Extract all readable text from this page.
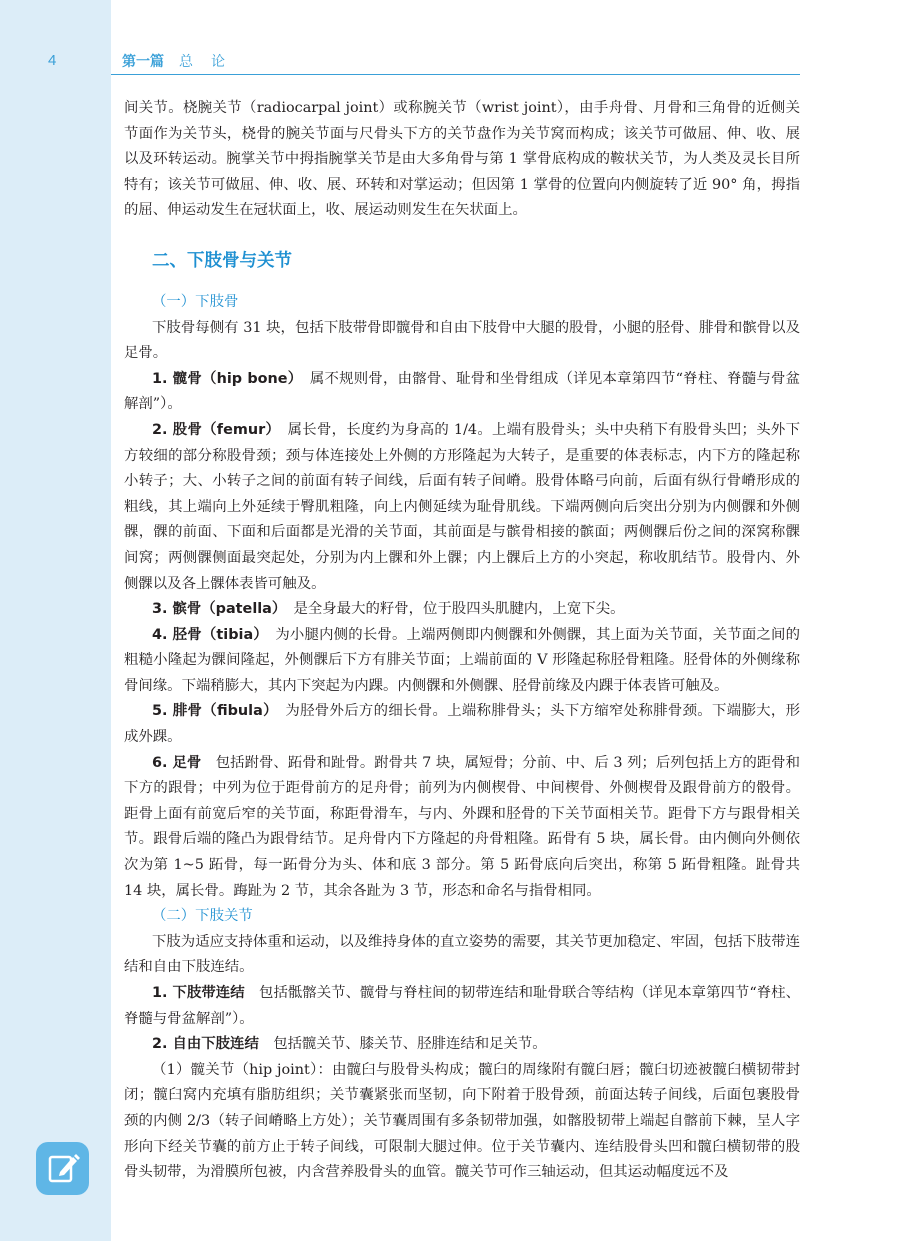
4	第一篇 总论

间关节。桡腕关节（radiocarpal joint）或称腕关节（wrist joint），由手舟骨、月骨和三角骨的近侧关节面作为关节头，桡骨的腕关节面与尺骨头下方的关节盘作为关节窝而构成；该关节可做屈、伸、收、展以及环转运动。腕掌关节中拇指腕掌关节是由大多角骨与第 1 掌骨底构成的鞍状关节，为人类及灵长目所特有；该关节可做屈、伸、收、展、环转和对掌运动；但因第 1 掌骨的位置向内侧旋转了近 90° 角，拇指的屈、伸运动发生在冠状面上，收、展运动则发生在矢状面上。

二、下肢骨与关节
（一）下肢骨

下肢骨每侧有 31 块，包括下肢带骨即髋骨和自由下肢骨中大腿的股骨，小腿的胫骨、腓骨和髌骨以及足骨。

1. 髋骨（hip bone）　 属不规则骨，由髂骨、耻骨和坐骨组成（详见本章第四节“脊柱、脊髓与骨盆解剖”）。

2. 股骨（femur）　 属长骨，长度约为身高的 1/4。上端有股骨头；头中央稍下有股骨头凹；头外下方较细的部分称股骨颈；颈与体连接处上外侧的方形隆起为大转子，是重要的体表标志，内下方的隆起称小转子；大、小转子之间的前面有转子间线，后面有转子间嵴。股骨体略弓向前，后面有纵行骨嵴形成的粗线，其上端向上外延续于臀肌粗隆，向上内侧延续为耻骨肌线。下端两侧向后突出分别为内侧髁和外侧髁，髁的前面、下面和后面都是光滑的关节面，其前面是与髌骨相接的髌面；两侧髁后份之间的深窝称髁间窝；两侧髁侧面最突起处，分别为内上髁和外上髁；内上髁后上方的小突起，称收肌结节。股骨内、外侧髁以及各上髁体表皆可触及。

3. 髌骨（patella）　 是全身最大的籽骨，位于股四头肌腱内，上宽下尖。

4. 胫骨（tibia）　 为小腿内侧的长骨。上端两侧即内侧髁和外侧髁，其上面为关节面，关节面之间的粗糙小隆起为髁间隆起，外侧髁后下方有腓关节面；上端前面的 V 形隆起称胫骨粗隆。胫骨体的外侧缘称骨间缘。下端稍膨大，其内下突起为内踝。内侧髁和外侧髁、胫骨前缘及内踝于体表皆可触及。

5. 腓骨（fibula）　 为胫骨外后方的细长骨。上端称腓骨头；头下方缩窄处称腓骨颈。下端膨大，形成外踝。

6. 足骨　 包括跗骨、跖骨和趾骨。跗骨共 7 块，属短骨；分前、中、后 3 列；后列包括上方的距骨和下方的跟骨；中列为位于距骨前方的足舟骨；前列为内侧楔骨、中间楔骨、外侧楔骨及跟骨前方的骰骨。距骨上面有前宽后窄的关节面，称距骨滑车，与内、外踝和胫骨的下关节面相关节。距骨下方与跟骨相关节。跟骨后端的隆凸为跟骨结节。足舟骨内下方隆起的舟骨粗隆。跖骨有 5 块，属长骨。由内侧向外侧依次为第 1~5 跖骨，每一跖骨分为头、体和底 3 部分。第 5 跖骨底向后突出，称第 5 跖骨粗隆。趾骨共 14 块，属长骨。踇趾为 2 节，其余各趾为 3 节，形态和命名与指骨相同。

（二）下肢关节

下肢为适应支持体重和运动，以及维持身体的直立姿势的需要，其关节更加稳定、牢固，包括下肢带连结和自由下肢连结。

1. 下肢带连结　 包括骶髂关节、髋骨与脊柱间的韧带连结和耻骨联合等结构（详见本章第四节“脊柱、脊髓与骨盆解剖”）。

2. 自由下肢连结　 包括髋关节、膝关节、胫腓连结和足关节。

（1）髋关节（hip joint）：由髋臼与股骨头构成；髋臼的周缘附有髋臼唇；髋臼切迹被髋臼横韧带封闭；髋臼窝内充填有脂肪组织；关节囊紧张而坚韧，向下附着于股骨颈，前面达转子间线，后面包裹股骨颈的内侧 2/3（转子间嵴略上方处）；关节囊周围有多条韧带加强，如髂股韧带上端起自髂前下棘，呈人字形向下经关节囊的前方止于转子间线，可限制大腿过伸。位于关节囊内、连结股骨头凹和髋臼横韧带的股骨头韧带，为滑膜所包被，内含营养股骨头的血管。髋关节可作三轴运动，但其运动幅度远不及
